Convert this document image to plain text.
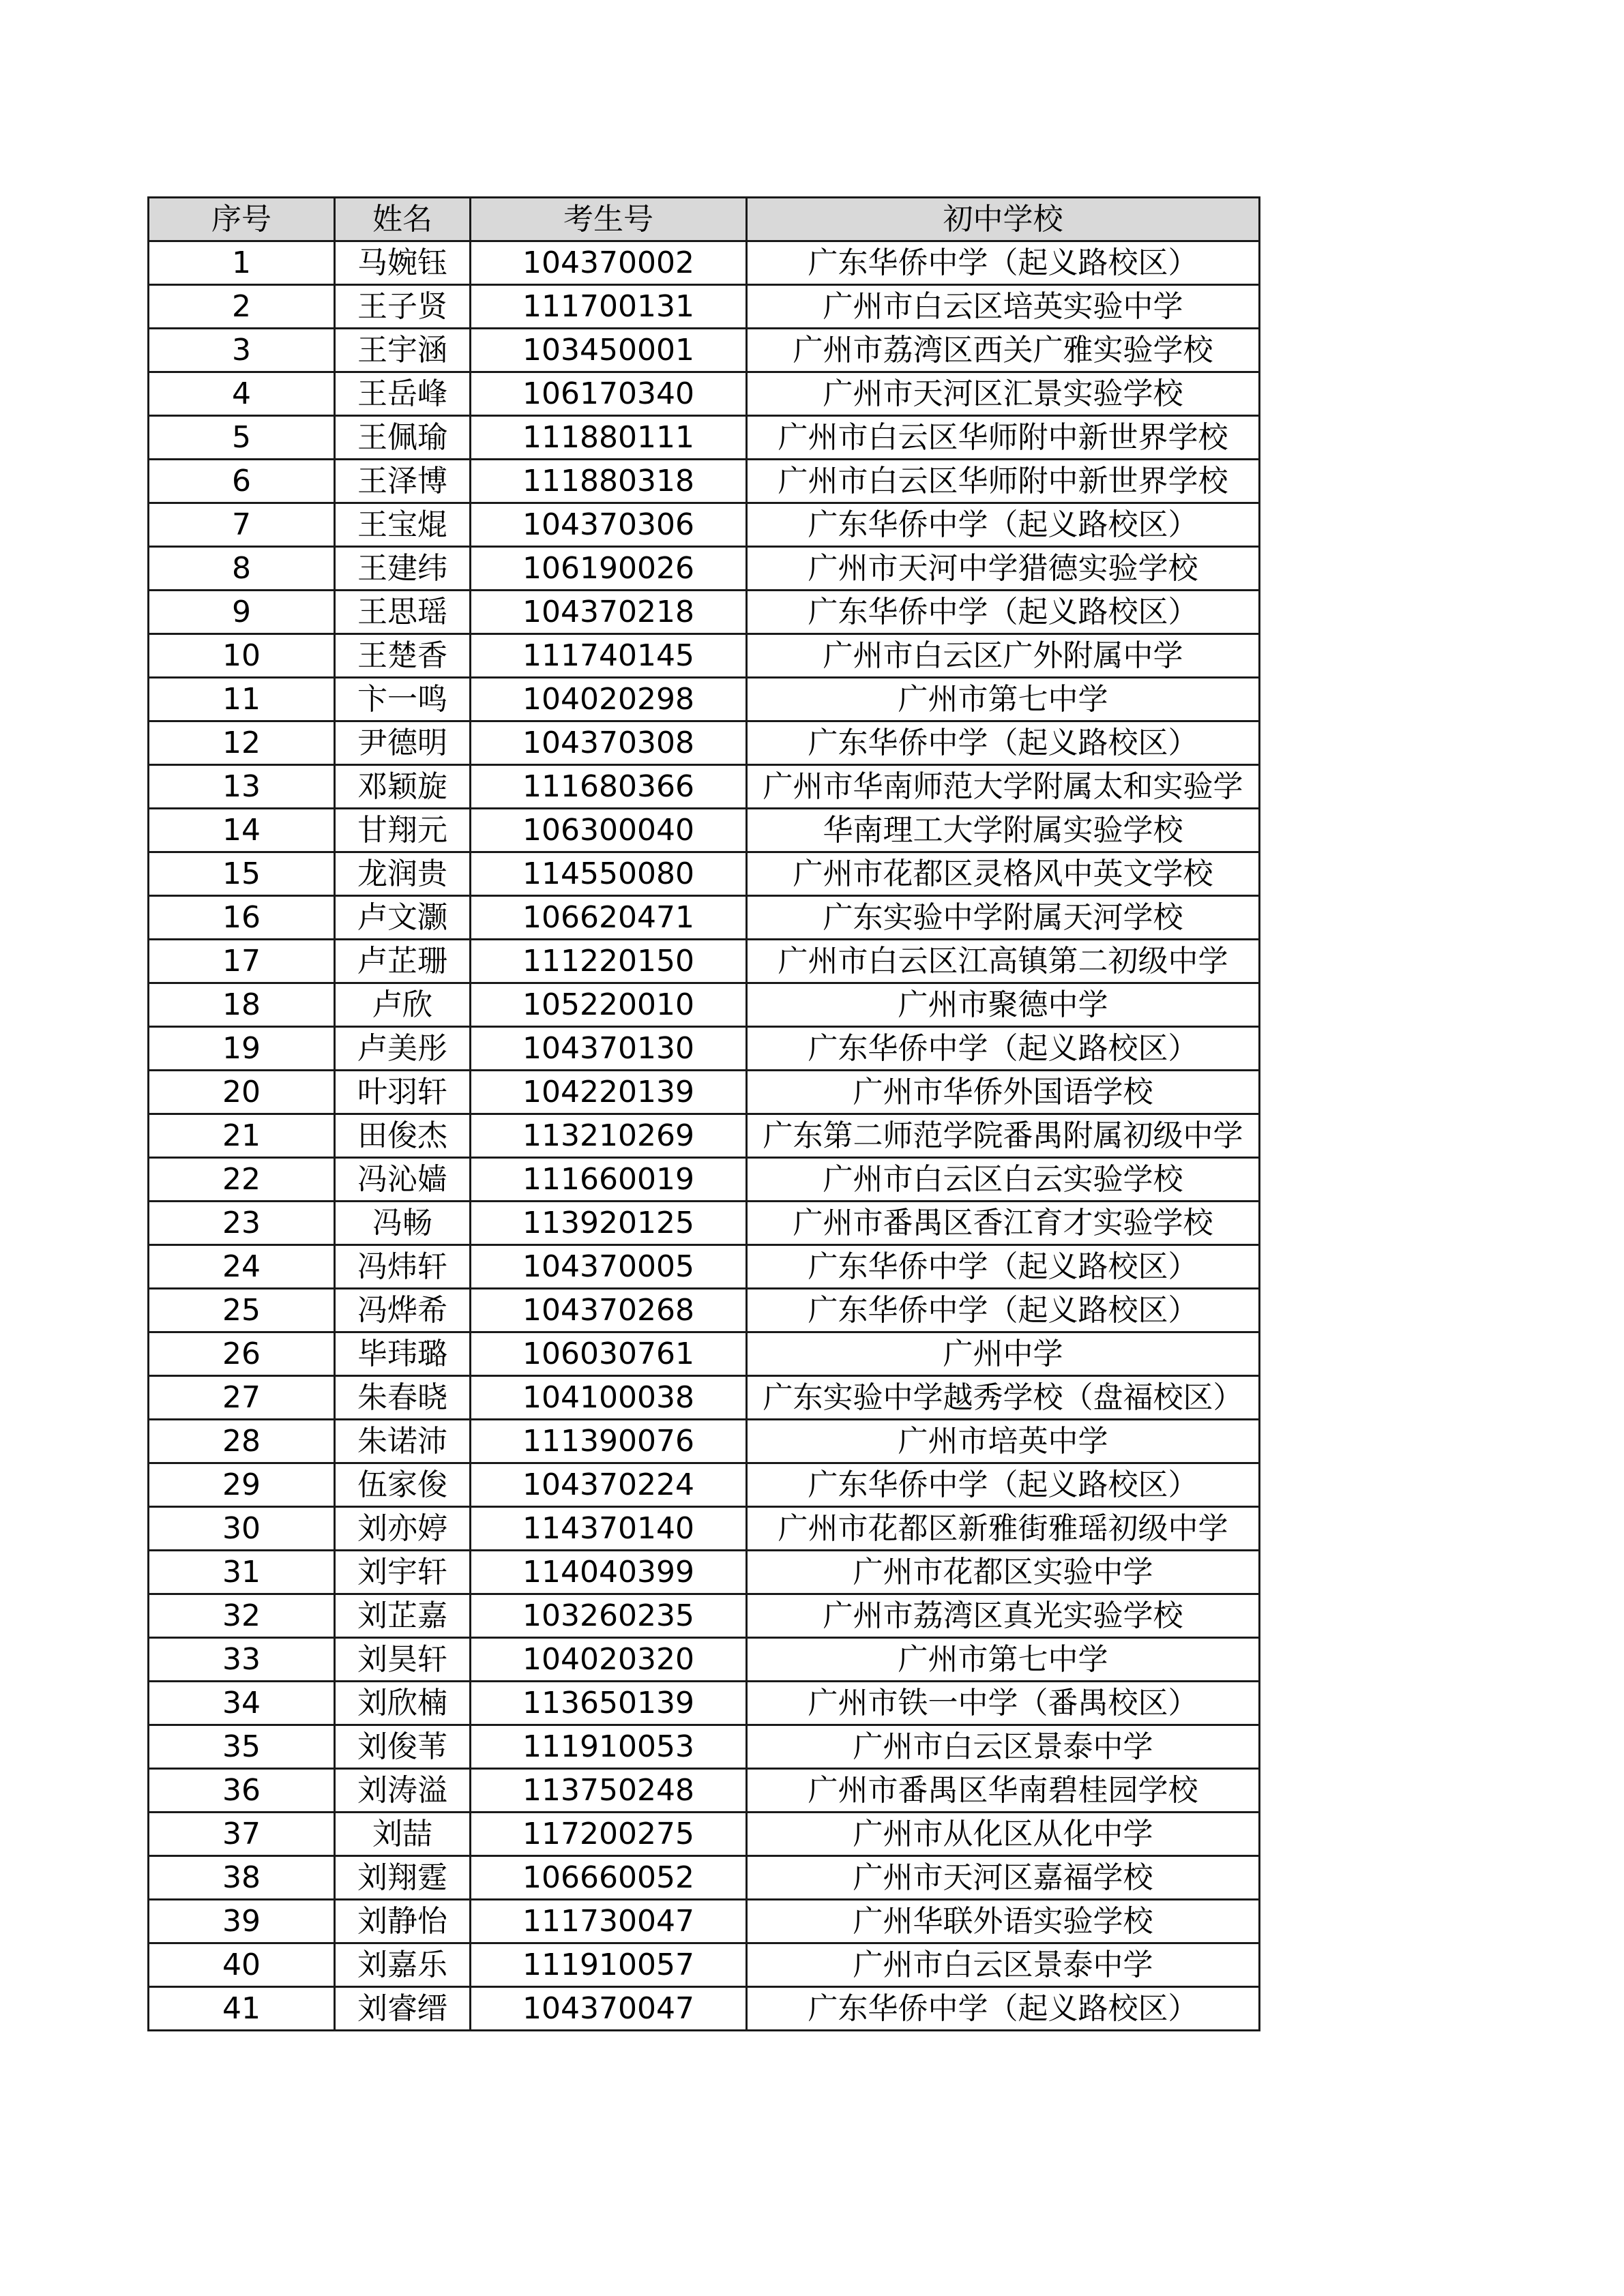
序号	姓名	考生号	初中学校
1	马婉钰	104370002	广东华侨中学（起义路校区）
2	王子贤	111700131	广州市白云区培英实验中学
3	王宇涵	103450001	广州市荔湾区西关广雅实验学校
4	王岳峰	106170340	广州市天河区汇景实验学校
5	王佩瑜	111880111	广州市白云区华师附中新世界学校
6	王泽博	111880318	广州市白云区华师附中新世界学校
7	王宝焜	104370306	广东华侨中学（起义路校区）
8	王建纬	106190026	广州市天河中学猎德实验学校
9	王思瑶	104370218	广东华侨中学（起义路校区）
10	王楚香	111740145	广州市白云区广外附属中学
11	卞一鸣	104020298	广州市第七中学
12	尹德明	104370308	广东华侨中学（起义路校区）
13	邓颖旋	111680366	广州市华南师范大学附属太和实验学
14	甘翔元	106300040	华南理工大学附属实验学校
15	龙润贵	114550080	广州市花都区灵格风中英文学校
16	卢文灏	106620471	广东实验中学附属天河学校
17	卢芷珊	111220150	广州市白云区江高镇第二初级中学
18	卢欣	105220010	广州市聚德中学
19	卢美彤	104370130	广东华侨中学（起义路校区）
20	叶羽轩	104220139	广州市华侨外国语学校
21	田俊杰	113210269	广东第二师范学院番禺附属初级中学
22	冯沁嫱	111660019	广州市白云区白云实验学校
23	冯畅	113920125	广州市番禺区香江育才实验学校
24	冯炜轩	104370005	广东华侨中学（起义路校区）
25	冯烨希	104370268	广东华侨中学（起义路校区）
26	毕玮璐	106030761	广州中学
27	朱春晓	104100038	广东实验中学越秀学校（盘福校区）
28	朱诺沛	111390076	广州市培英中学
29	伍家俊	104370224	广东华侨中学（起义路校区）
30	刘亦婷	114370140	广州市花都区新雅街雅瑶初级中学
31	刘宇轩	114040399	广州市花都区实验中学
32	刘芷嘉	103260235	广州市荔湾区真光实验学校
33	刘昊轩	104020320	广州市第七中学
34	刘欣楠	113650139	广州市铁一中学（番禺校区）
35	刘俊苇	111910053	广州市白云区景泰中学
36	刘涛溢	113750248	广州市番禺区华南碧桂园学校
37	刘喆	117200275	广州市从化区从化中学
38	刘翔霆	106660052	广州市天河区嘉福学校
39	刘静怡	111730047	广州华联外语实验学校
40	刘嘉乐	111910057	广州市白云区景泰中学
41	刘睿缙	104370047	广东华侨中学（起义路校区）
